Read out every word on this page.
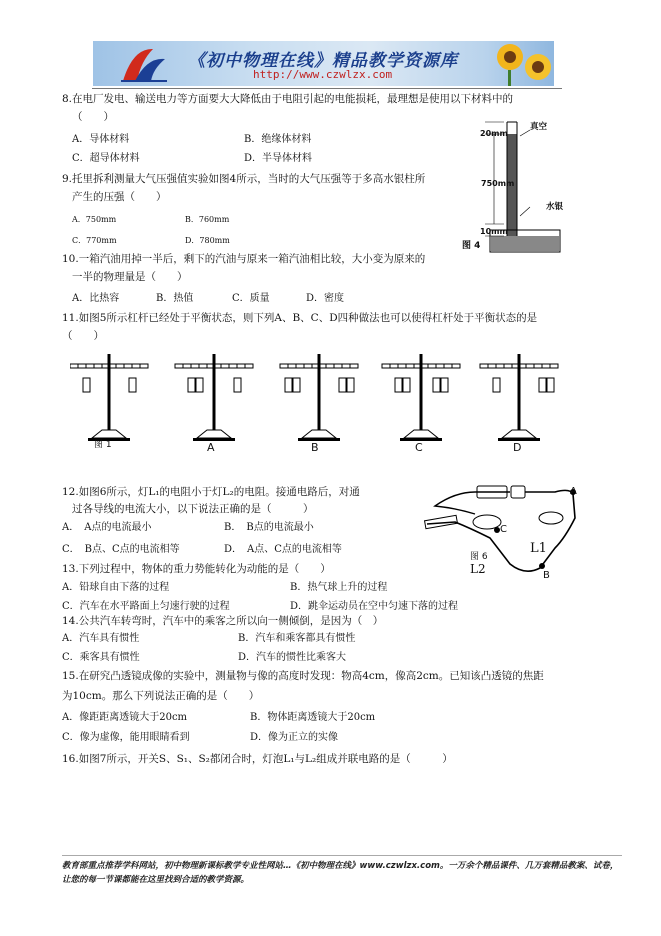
《初中物理在线》精品教学资源库
http://www.czwlzx.com
8.在电厂发电、输送电力等方面要大大降低由于电阻引起的电能损耗，最理想是使用以下材料中的
（　　）
A．导体材料	B．绝缘体材料
C．超导体材料	D．半导体材料
9.托里拆利测量大气压强值实验如图4所示，当时的大气压强等于多高水银柱所
产生的压强（　　）
A．750mm	B．760mm
C．770mm	D．780mm
真空
20mm
750mm
水银
10mm
图 4
10.一箱汽油用掉一半后，剩下的汽油与原来一箱汽油相比较，大小变为原来的
一半的物理量是（　　）
A．比热容	B．热值	C．质量	D．密度
11.如图5所示杠杆已经处于平衡状态，则下列A、B、C、D四种做法也可以使得杠杆处于平衡状态的是
（　　）
图 1	A	B	C	D
12.如图6所示，灯L₁的电阻小于灯L₂的电阻。接通电路后，对通
过各导线的电流大小，以下说法正确的是（　　　）
A．　A点的电流最小	B．　B点的电流最小
C．　B点、C点的电流相等	D．　A点、C点的电流相等
A
C
B
L1
L2
图 6
13.下列过程中，物体的重力势能转化为动能的是（　　）
A．铅球自由下落的过程	B．热气球上升的过程
C．汽车在水平路面上匀速行驶的过程	D．跳伞运动员在空中匀速下落的过程
14.公共汽车转弯时，汽车中的乘客之所以向一侧倾倒，是因为（　）
A．汽车具有惯性	B．汽车和乘客都具有惯性
C．乘客具有惯性	D．汽车的惯性比乘客大
15.在研究凸透镜成像的实验中，测量物与像的高度时发现：物高4cm，像高2cm。已知该凸透镜的焦距
为10cm。那么下列说法正确的是（　　）
A．像距距离透镜大于20cm	B．物体距离透镜大于20cm
C．像为虚像，能用眼睛看到	D．像为正立的实像
16.如图7所示，开关S、S₁、S₂都闭合时，灯泡L₁与L₂组成并联电路的是（　　　）
教育部重点推荐学科网站，初中物理新课标教学专业性网站…《初中物理在线》www.czwlzx.com。一万余个精品课件、几万套精品教案、试卷，让您的每一节课都能在这里找到合适的教学资源。
